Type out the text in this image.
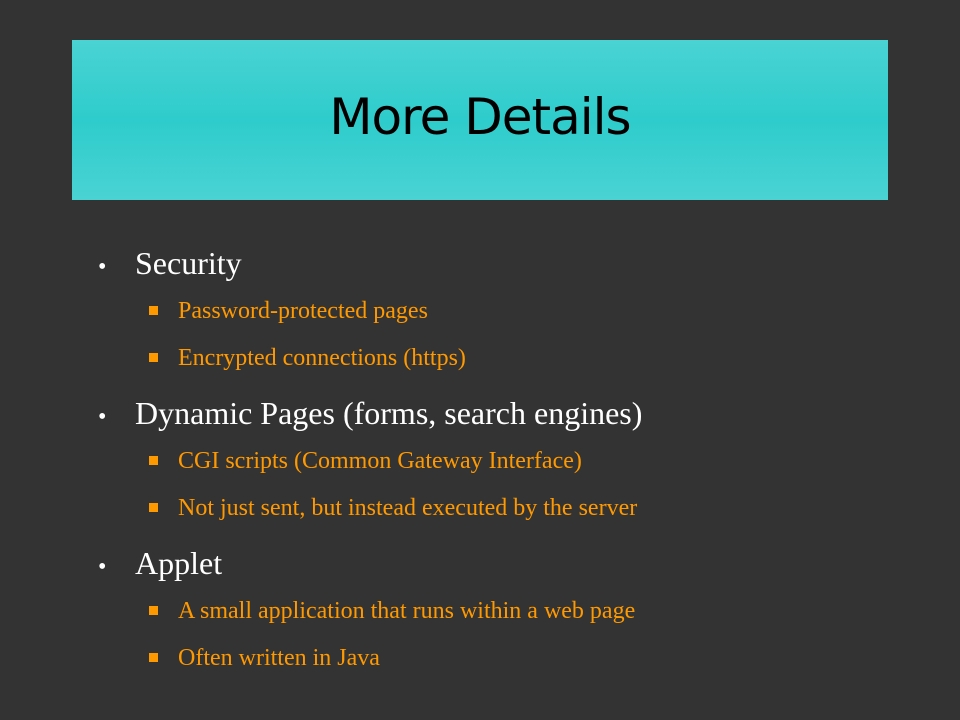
More Details
• Security
Password-protected pages
Encrypted connections (https)
• Dynamic Pages (forms, search engines)
CGI scripts (Common Gateway Interface)
Not just sent, but instead executed by the server
• Applet
A small application that runs within a web page
Often written in Java
